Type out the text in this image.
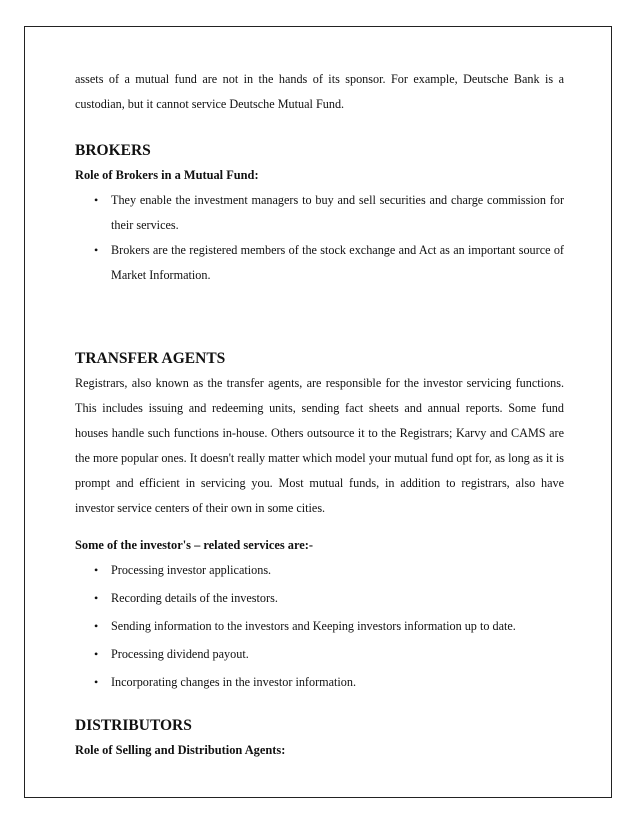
assets of a mutual fund are not in the hands of its sponsor. For example, Deutsche Bank is a custodian, but it cannot service Deutsche Mutual Fund.

BROKERS
Role of Brokers in a Mutual Fund:
• They enable the investment managers to buy and sell securities and charge commission for their services.
• Brokers are the registered members of the stock exchange and Act as an important source of Market Information.
TRANSFER AGENTS

Registrars, also known as the transfer agents, are responsible for the investor servicing functions. This includes issuing and redeeming units, sending fact sheets and annual reports. Some fund houses handle such functions in-house. Others outsource it to the Registrars; Karvy and CAMS are the more popular ones. It doesn't really matter which model your mutual fund opt for, as long as it is prompt and efficient in servicing you. Most mutual funds, in addition to registrars, also have investor service centers of their own in some cities.

Some of the investor's – related services are:-
• Processing investor applications.
• Recording details of the investors.
• Sending information to the investors and Keeping investors information up to date.
• Processing dividend payout.
• Incorporating changes in the investor information.
DISTRIBUTORS
Role of Selling and Distribution Agents:
